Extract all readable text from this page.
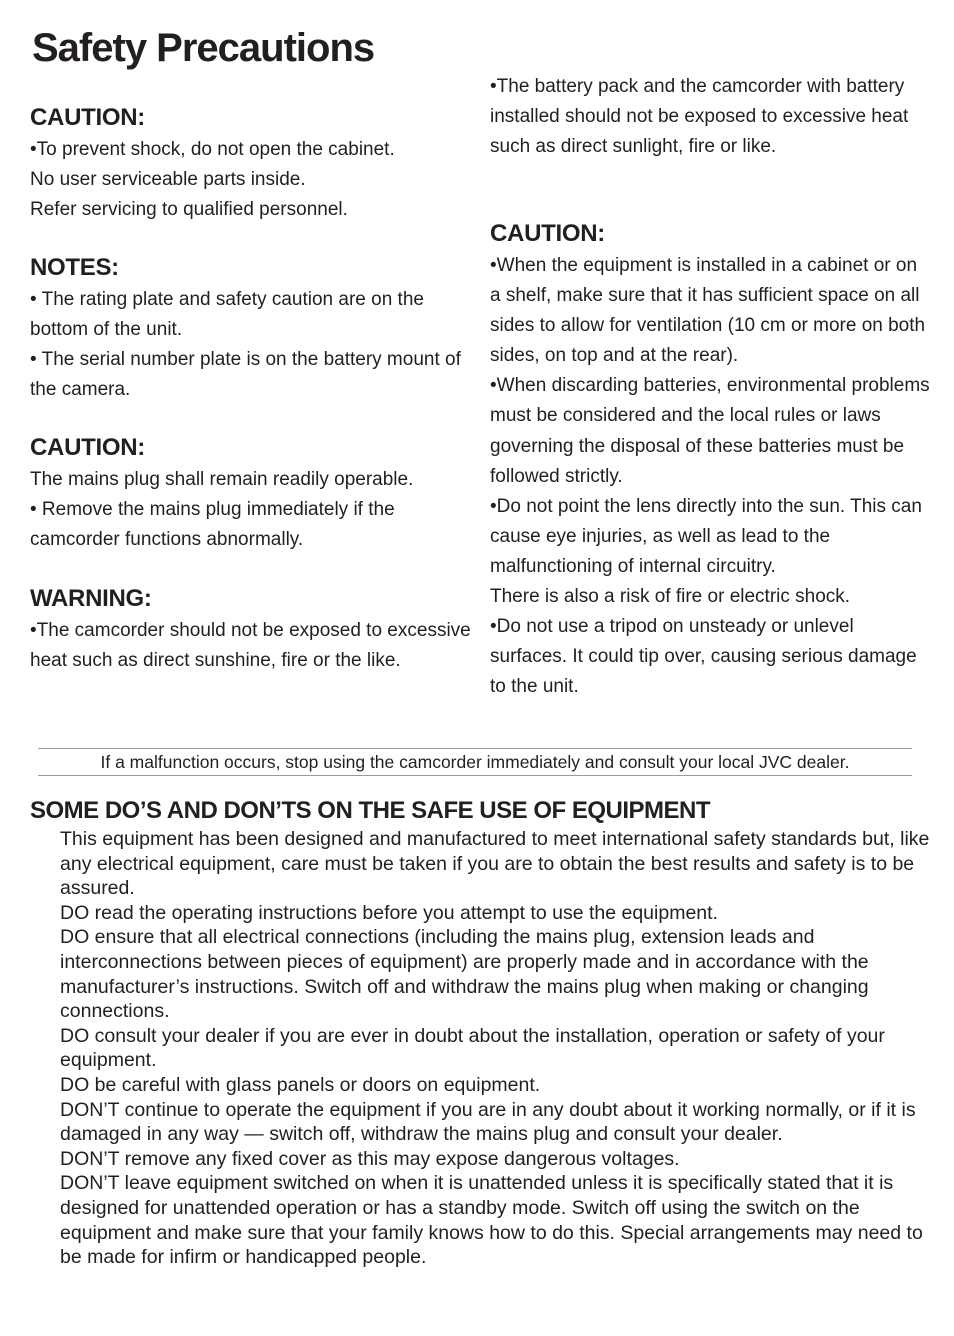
Safety Precautions
CAUTION:

•To prevent shock, do not open the cabinet.
No user serviceable parts inside.
Refer servicing to qualified personnel.

NOTES:

• The rating plate and safety caution are on the bottom of the unit.
• The serial number plate is on the battery mount of the camera.

CAUTION:

The mains plug shall remain readily operable.
• Remove the mains plug immediately if the camcorder functions abnormally.

WARNING:

•The camcorder should not be exposed to excessive heat such as direct sunshine, fire or the like.

•The battery pack and the camcorder with battery installed should not be exposed to excessive heat such as direct sunlight, fire or like.

CAUTION:

•When the equipment is installed in a cabinet or on a shelf, make sure that it has sufficient space on all sides to allow for ventilation (10 cm or more on both sides, on top and at the rear).
•When discarding batteries, environmental problems must be considered and the local rules or laws governing the disposal of these batteries must be followed strictly.
•Do not point the lens directly into the sun. This can cause eye injuries, as well as lead to the malfunctioning of internal circuitry.
There is also a risk of fire or electric shock.
•Do not use a tripod on unsteady or unlevel surfaces. It could tip over, causing serious damage to the unit.

If a malfunction occurs, stop using the camcorder immediately and consult your local JVC dealer.
SOME DO’S AND DON’TS ON THE SAFE USE OF EQUIPMENT
This equipment has been designed and manufactured to meet international safety standards but, like any electrical equipment, care must be taken if you are to obtain the best results and safety is to be assured.
DO read the operating instructions before you attempt to use the equipment.
DO ensure that all electrical connections (including the mains plug, extension leads and interconnections between pieces of equipment) are properly made and in accordance with the manufacturer’s instructions. Switch off and withdraw the mains plug when making or changing connections.
DO consult your dealer if you are ever in doubt about the installation, operation or safety of your equipment.
DO be careful with glass panels or doors on equipment.
DON’T continue to operate the equipment if you are in any doubt about it working normally, or if it is damaged in any way — switch off, withdraw the mains plug and consult your dealer.
DON’T remove any fixed cover as this may expose dangerous voltages.
DON’T leave equipment switched on when it is unattended unless it is specifically stated that it is designed for unattended operation or has a standby mode. Switch off using the switch on the equipment and make sure that your family knows how to do this. Special arrangements may need to be made for infirm or handicapped people.
